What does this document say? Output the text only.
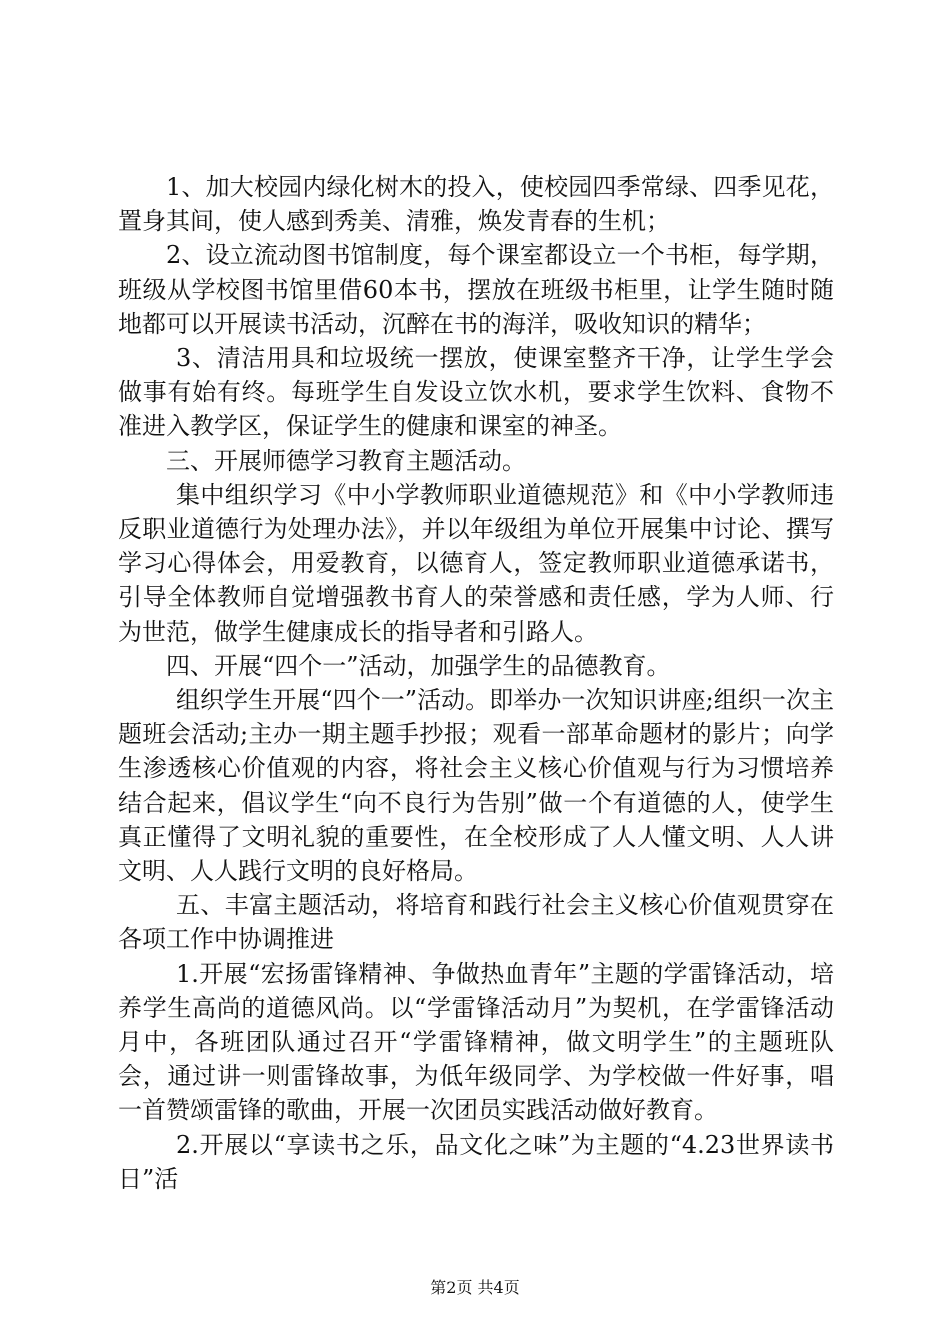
1、加大校园内绿化树木的投入，使校园四季常绿、四季见花，置身其间，使人感到秀美、清雅，焕发青春的生机；

2、设立流动图书馆制度，每个课室都设立一个书柜，每学期，班级从学校图书馆里借60本书，摆放在班级书柜里，让学生随时随地都可以开展读书活动，沉醉在书的海洋，吸收知识的精华；

3、清洁用具和垃圾统一摆放，使课室整齐干净，让学生学会做事有始有终。每班学生自发设立饮水机，要求学生饮料、食物不准进入教学区，保证学生的健康和课室的神圣。

三、开展师德学习教育主题活动。

集中组织学习《中小学教师职业道德规范》和《中小学教师违反职业道德行为处理办法》，并以年级组为单位开展集中讨论、撰写学习心得体会，用爱教育，以德育人，签定教师职业道德承诺书，引导全体教师自觉增强教书育人的荣誉感和责任感，学为人师、行为世范，做学生健康成长的指导者和引路人。

四、开展“四个一”活动，加强学生的品德教育。

组织学生开展“四个一”活动。即举办一次知识讲座;组织一次主题班会活动;主办一期主题手抄报；观看一部革命题材的影片；向学生渗透核心价值观的内容，将社会主义核心价值观与行为习惯培养结合起来，倡议学生“向不良行为告别”做一个有道德的人，使学生真正懂得了文明礼貌的重要性，在全校形成了人人懂文明、人人讲文明、人人践行文明的良好格局。

五、丰富主题活动，将培育和践行社会主义核心价值观贯穿在各项工作中协调推进

1.开展“宏扬雷锋精神、争做热血青年”主题的学雷锋活动，培养学生高尚的道德风尚。以“学雷锋活动月”为契机，在学雷锋活动月中，各班团队通过召开“学雷锋精神，做文明学生”的主题班队会，通过讲一则雷锋故事，为低年级同学、为学校做一件好事，唱一首赞颂雷锋的歌曲，开展一次团员实践活动做好教育。

2.开展以“享读书之乐，品文化之味”为主题的“4.23世界读书日”活

第2页 共4页
